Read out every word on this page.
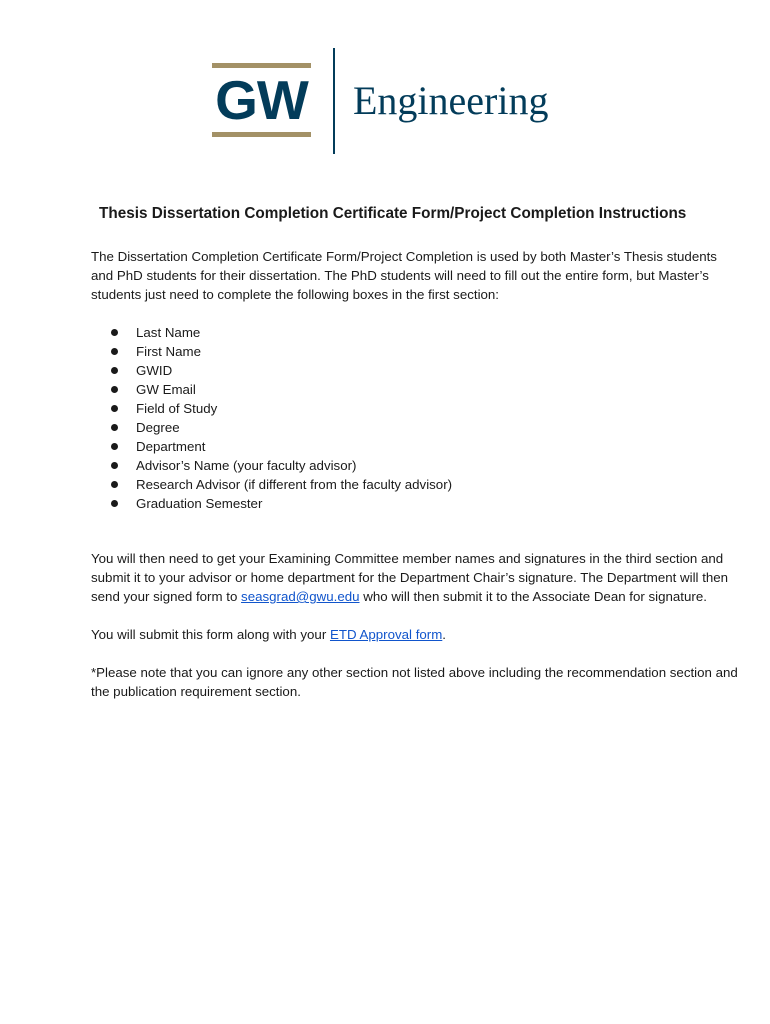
GW Engineering
Thesis Dissertation Completion Certificate Form/Project Completion Instructions

The Dissertation Completion Certificate Form/Project Completion is used by both Master’s Thesis students and PhD students for their dissertation. The PhD students will need to fill out the entire form, but Master’s students just need to complete the following boxes in the first section:

Last Name
First Name
GWID
GW Email
Field of Study
Degree
Department
Advisor’s Name (your faculty advisor)
Research Advisor (if different from the faculty advisor)
Graduation Semester

You will then need to get your Examining Committee member names and signatures in the third section and submit it to your advisor or home department for the Department Chair’s signature. The Department will then send your signed form to seasgrad@gwu.edu who will then submit it to the Associate Dean for signature.

You will submit this form along with your ETD Approval form.

*Please note that you can ignore any other section not listed above including the recommendation section and the publication requirement section.
